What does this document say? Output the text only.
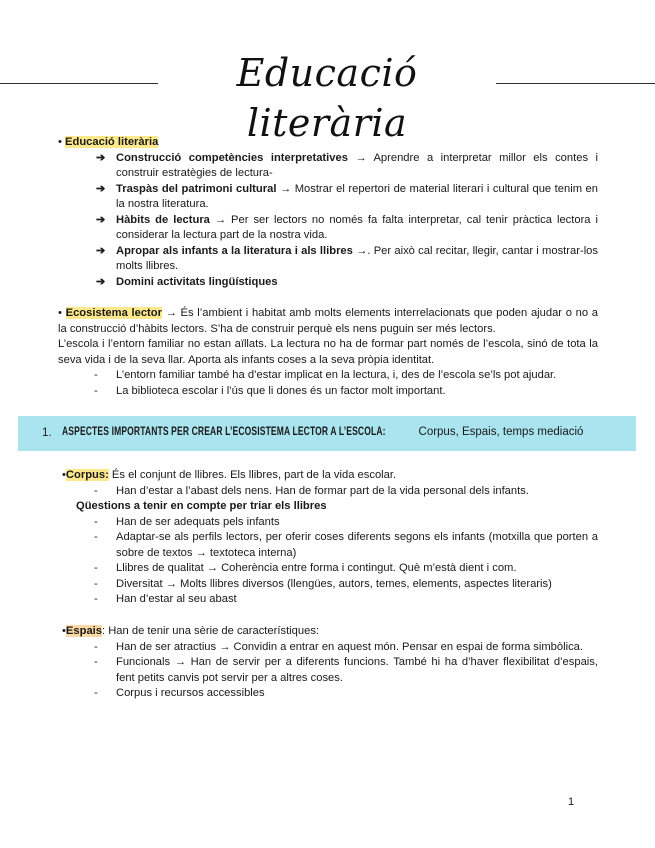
Educació literària
• Educació literària
➔ Construcció competències interpretatives → Aprendre a interpretar millor els contes i construir estratègies de lectura-
➔ Traspàs del patrimoni cultural → Mostrar el repertori de material literari i cultural que tenim en la nostra literatura.
➔ Hàbits de lectura → Per ser lectors no només fa falta interpretar, cal tenir pràctica lectora i considerar la lectura part de la nostra vida.
➔ Apropar als infants a la literatura i als llibres →. Per això cal recitar, llegir, cantar i mostrar-los molts llibres.
➔ Domini activitats lingüístiques

• Ecosistema lector → És l’ambient i habitat amb molts elements interrelacionats que poden ajudar o no a la construcció d’hàbits lectors. S’ha de construir perquè els nens puguin ser més lectors.

L’escola i l’entorn familiar no estan aïllats. La lectura no ha de formar part només de l’escola, sinó de tota la seva vida i de la seva llar. Aporta als infants coses a la seva pròpia identitat.

- L’entorn familiar també ha d’estar implicat en la lectura, i, des de l’escola se’ls pot ajudar.
- La biblioteca escolar i l’ús que li dones és un factor molt important.
1. ASPECTES IMPORTANTS PER CREAR L’ECOSISTEMA LECTOR A L’ESCOLA:	Corpus, Espais, temps mediació

•Corpus: És el conjunt de llibres. Els llibres, part de la vida escolar.

- Han d’estar a l’abast dels nens. Han de formar part de la vida personal dels infants.
Qüestions a tenir en compte per triar els llibres
- Han de ser adequats pels infants
- Adaptar-se als perfils lectors, per oferir coses diferents segons els infants (motxilla que porten a sobre de textos → textoteca interna)
- Llibres de qualitat → Coherència entre forma i contingut. Què m’està dient i com.
- Diversitat → Molts llibres diversos (llengües, autors, temes, elements, aspectes literaris)
- Han d’estar al seu abast

•Espais: Han de tenir una sèrie de característiques:

- Han de ser atractius → Convidin a entrar en aquest món. Pensar en espai de forma simbòlica.
- Funcionals → Han de servir per a diferents funcions. També hi ha d’haver flexibilitat d’espais, fent petits canvis pot servir per a altres coses.
- Corpus i recursos accessibles
1
